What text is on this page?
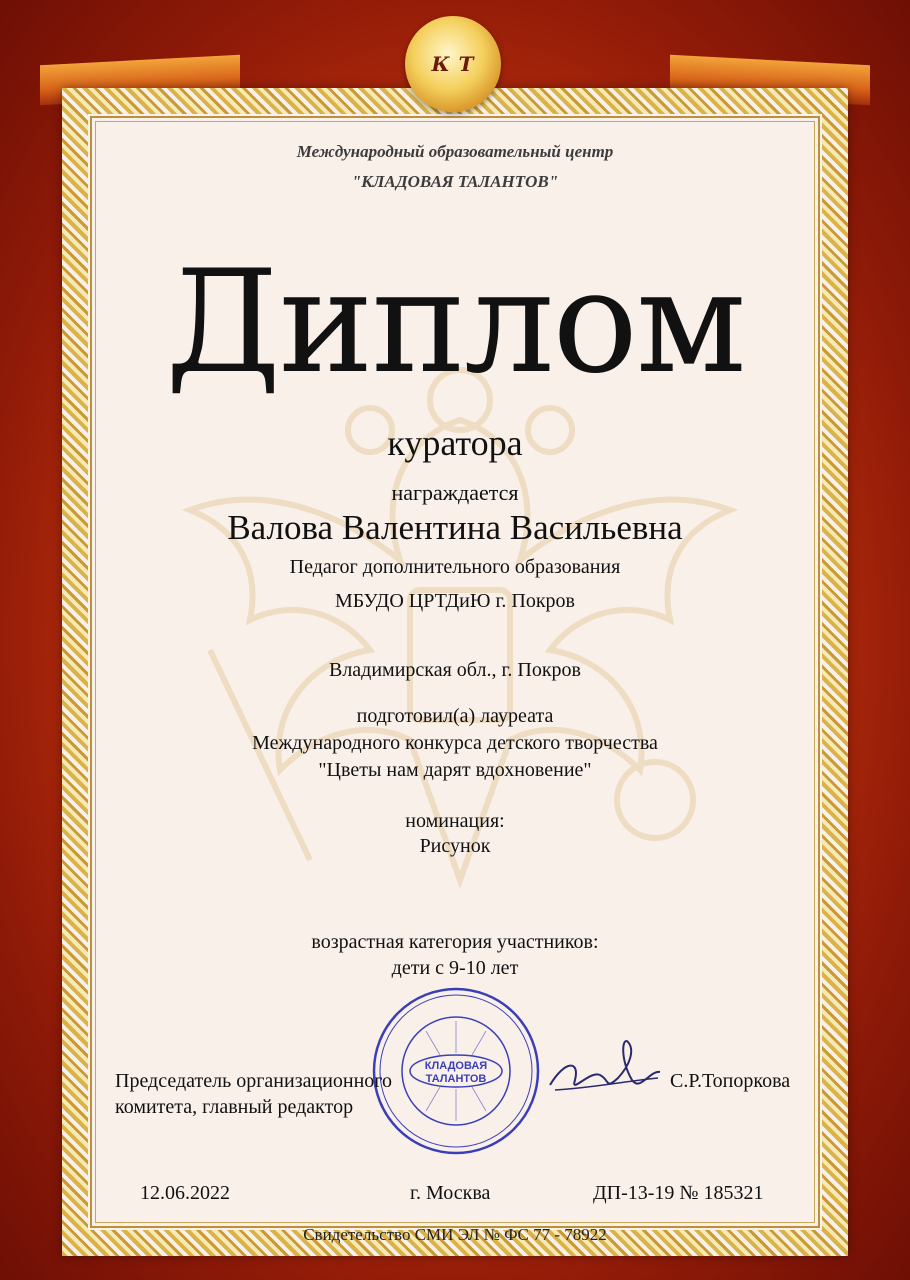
К Т
Международный образовательный центр
"КЛАДОВАЯ ТАЛАНТОВ"
Диплом
куратора
награждается
Валова Валентина Васильевна
Педагог дополнительного образования
МБУДО ЦРТДиЮ г. Покров
Владимирская обл., г. Покров
подготовил(а) лауреата
Международного конкурса детского творчества
"Цветы нам дарят вдохновение"
номинация:
Рисунок
возрастная категория участников:
дети с 9-10 лет
КЛАДОВАЯ
ТАЛАНТОВ
Председатель организационного
комитета, главный редактор
С.Р.Топоркова
12.06.2022	г. Москва	ДП-13-19 № 185321
Свидетельство СМИ ЭЛ № ФС 77 - 78922
